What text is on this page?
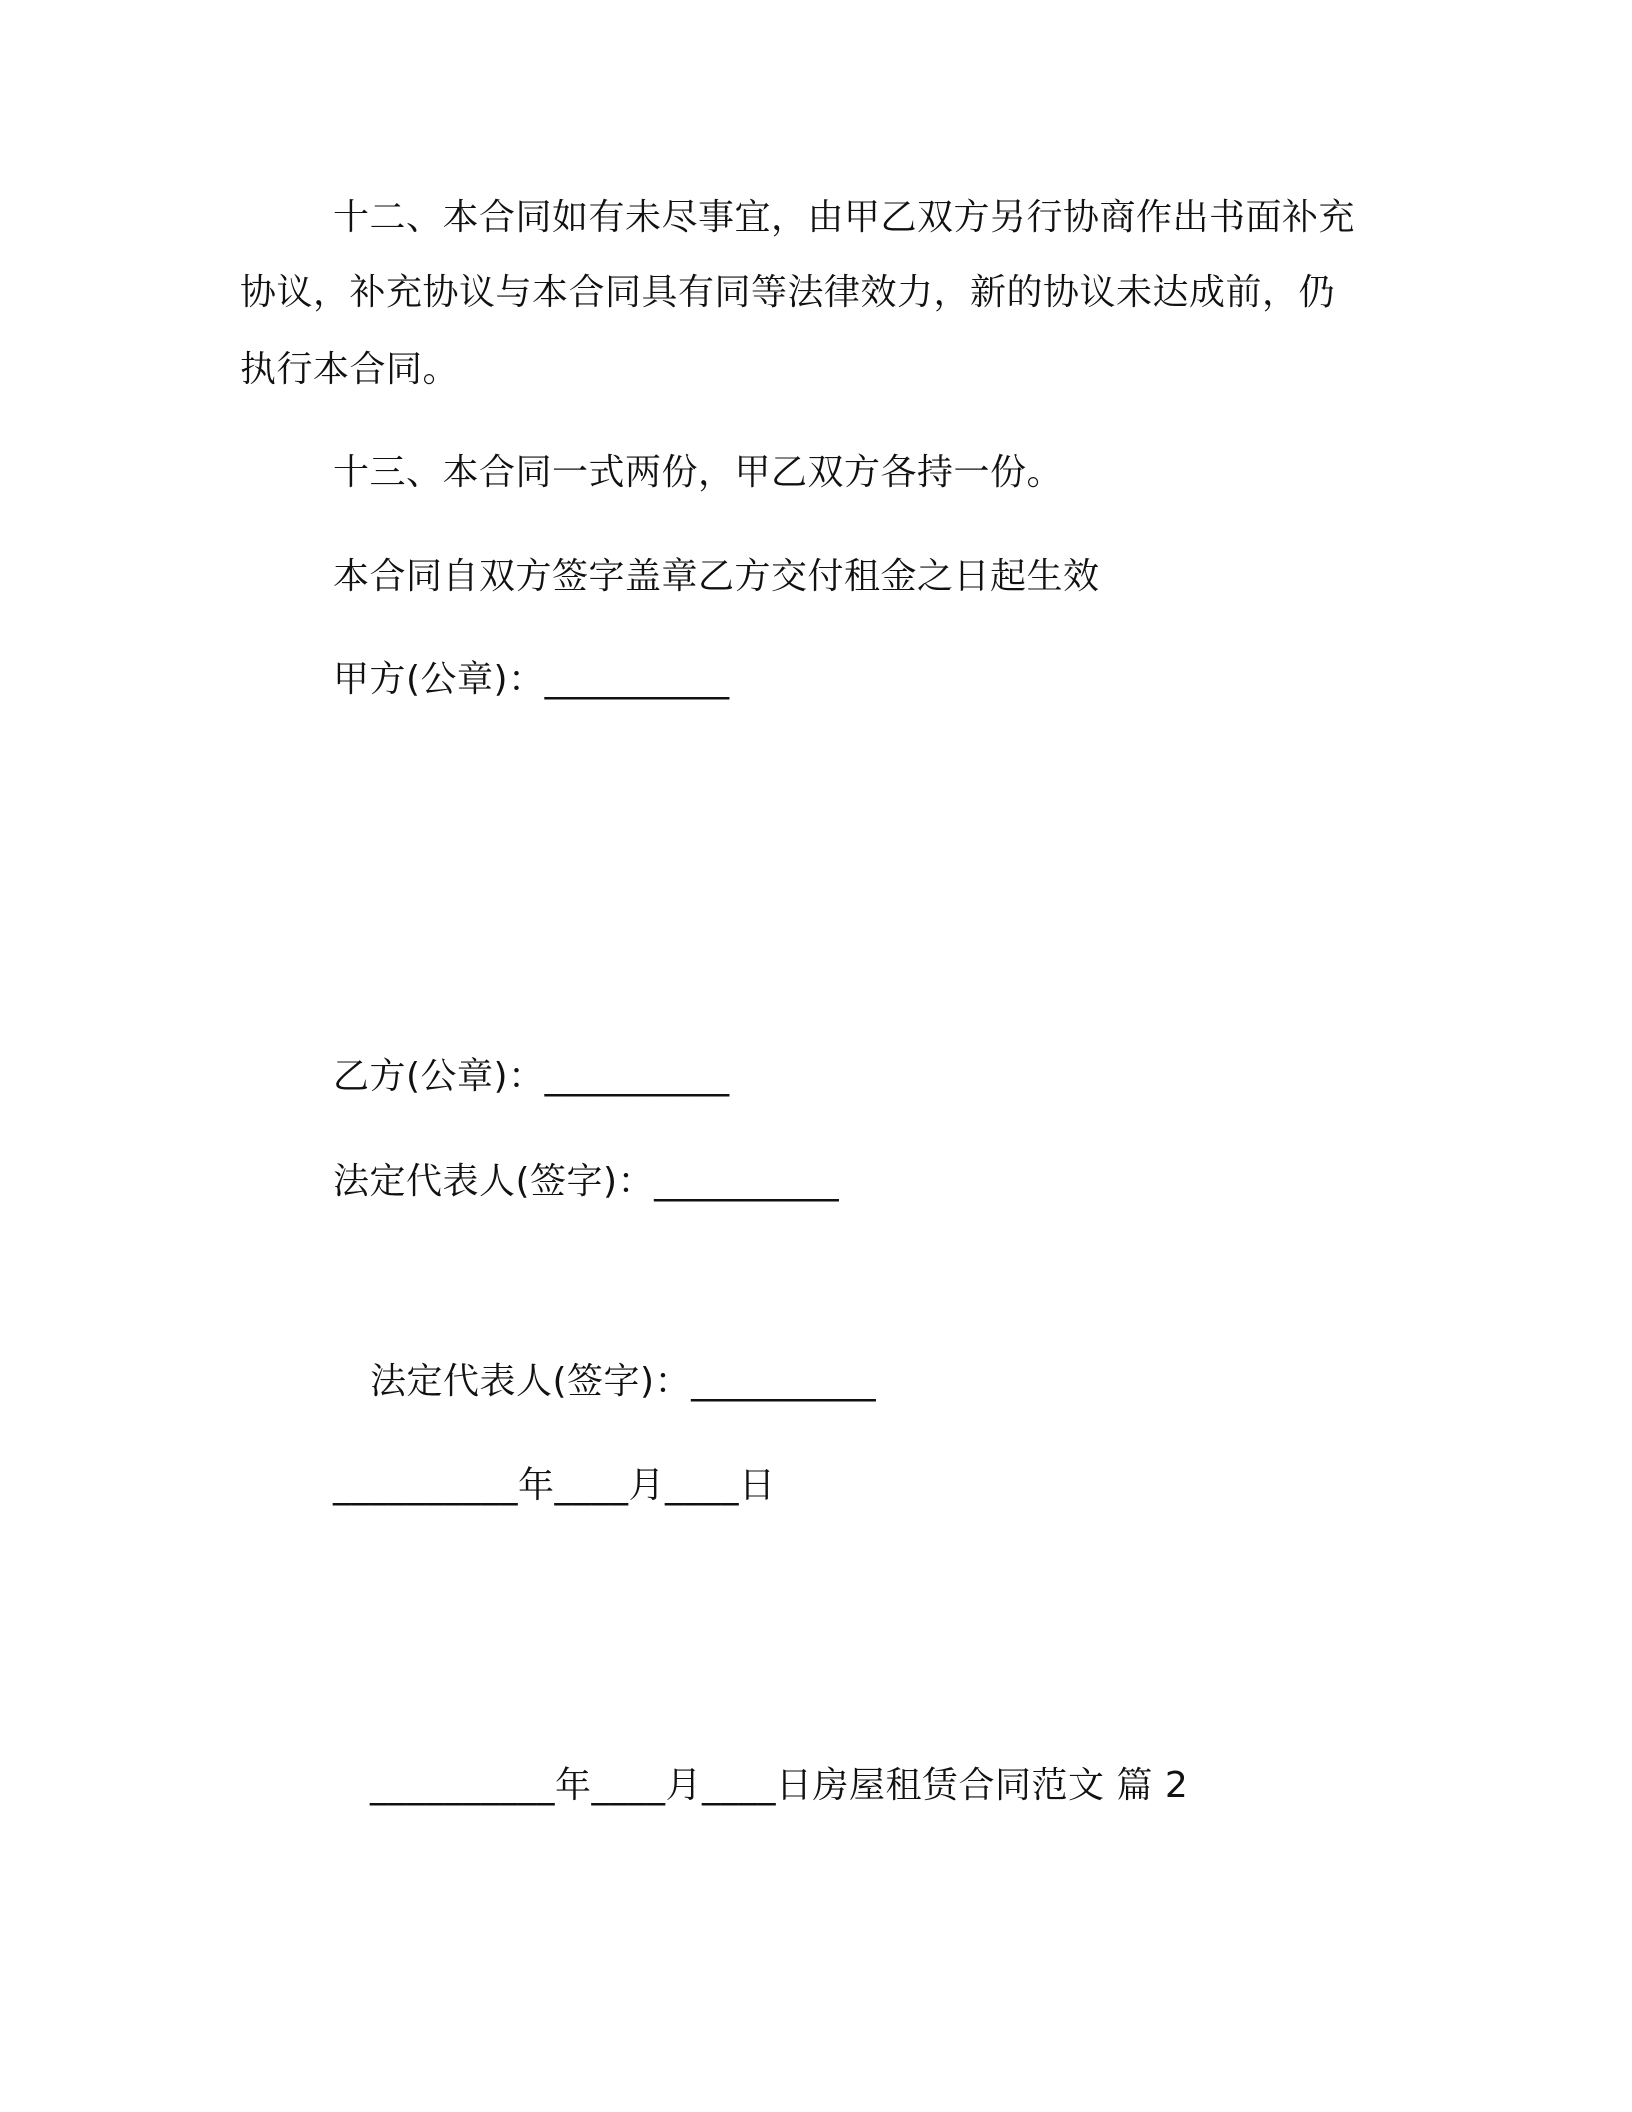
十二、本合同如有未尽事宜，由甲乙双方另行协商作出书面补充
协议，补充协议与本合同具有同等法律效力，新的协议未达成前，仍
执行本合同。
十三、本合同一式两份，甲乙双方各持一份。
本合同自双方签字盖章乙方交付租金之日起生效
甲方(公章)：__________
乙方(公章)：__________
法定代表人(签字)：__________
法定代表人(签字)：__________
__________年____月____日
__________年____月____日房屋租赁合同范文 篇 2
